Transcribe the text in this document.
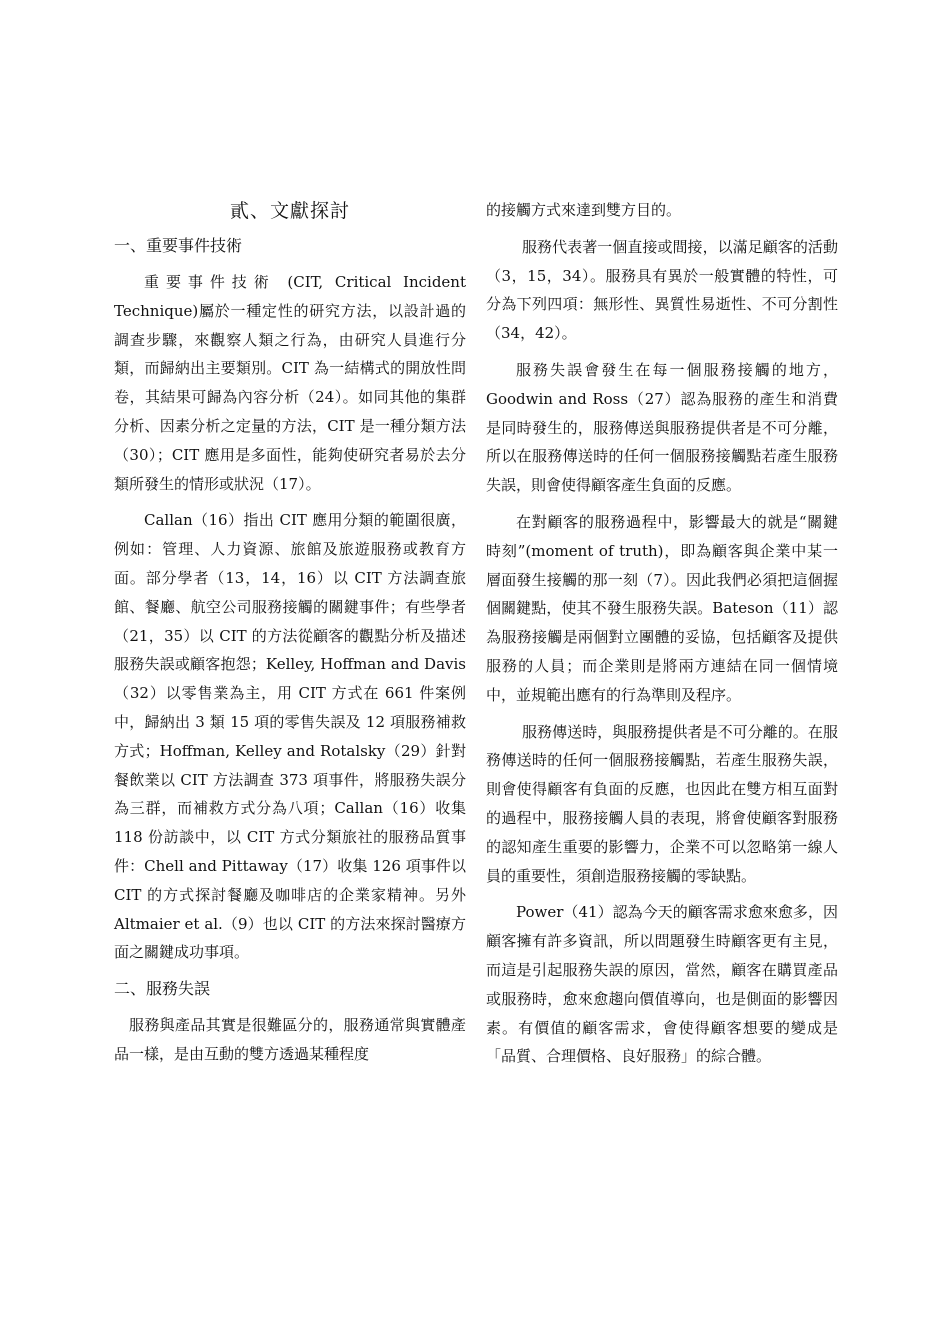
貳、文獻探討
一、重要事件技術

重要事件技術 (CIT, Critical Incident Technique)屬於一種定性的研究方法，以設計過的調查步驟，來觀察人類之行為，由研究人員進行分類，而歸納出主要類別。CIT 為一結構式的開放性問卷，其結果可歸為內容分析（24）。如同其他的集群分析、因素分析之定量的方法，CIT 是一種分類方法（30）；CIT 應用是多面性，能夠使研究者易於去分類所發生的情形或狀況（17）。

Callan（16）指出 CIT 應用分類的範圍很廣，例如：管理、人力資源、旅館及旅遊服務或教育方面。部分學者（13，14，16）以 CIT 方法調查旅館、餐廳、航空公司服務接觸的關鍵事件；有些學者（21，35）以 CIT 的方法從顧客的觀點分析及描述服務失誤或顧客抱怨；Kelley, Hoffman and Davis（32）以零售業為主，用 CIT 方式在 661 件案例中，歸納出 3 類 15 項的零售失誤及 12 項服務補救方式；Hoffman, Kelley and Rotalsky（29）針對餐飲業以 CIT 方法調查 373 項事件，將服務失誤分為三群，而補救方式分為八項；Callan（16）收集 118 份訪談中，以 CIT 方式分類旅社的服務品質事件：Chell and Pittaway（17）收集 126 項事件以 CIT 的方式探討餐廳及咖啡店的企業家精神。另外 Altmaier et al.（9）也以 CIT 的方法來探討醫療方面之關鍵成功事項。

二、服務失誤

服務與產品其實是很難區分的，服務通常與實體產品一樣，是由互動的雙方透過某種程度

的接觸方式來達到雙方目的。

服務代表著一個直接或間接，以滿足顧客的活動（3，15，34）。服務具有異於一般實體的特性，可分為下列四項：無形性、異質性易逝性、不可分割性（34，42）。

服務失誤會發生在每一個服務接觸的地方，Goodwin and Ross（27）認為服務的產生和消費是同時發生的，服務傳送與服務提供者是不可分離，所以在服務傳送時的任何一個服務接觸點若產生服務失誤，則會使得顧客產生負面的反應。

在對顧客的服務過程中，影響最大的就是“關鍵時刻”(moment of truth)，即為顧客與企業中某一層面發生接觸的那一刻（7）。因此我們必須把這個握個關鍵點，使其不發生服務失誤。Bateson（11）認為服務接觸是兩個對立團體的妥協，包括顧客及提供服務的人員；而企業則是將兩方連結在同一個情境中，並規範出應有的行為準則及程序。

服務傳送時，與服務提供者是不可分離的。在服務傳送時的任何一個服務接觸點，若產生服務失誤，則會使得顧客有負面的反應，也因此在雙方相互面對的過程中，服務接觸人員的表現，將會使顧客對服務的認知產生重要的影響力，企業不可以忽略第一線人員的重要性，須創造服務接觸的零缺點。

Power（41）認為今天的顧客需求愈來愈多，因顧客擁有許多資訊，所以問題發生時顧客更有主見，而這是引起服務失誤的原因，當然，顧客在購買產品或服務時，愈來愈趨向價值導向，也是側面的影響因素。有價值的顧客需求，會使得顧客想要的變成是「品質、合理價格、良好服務」的綜合體。
